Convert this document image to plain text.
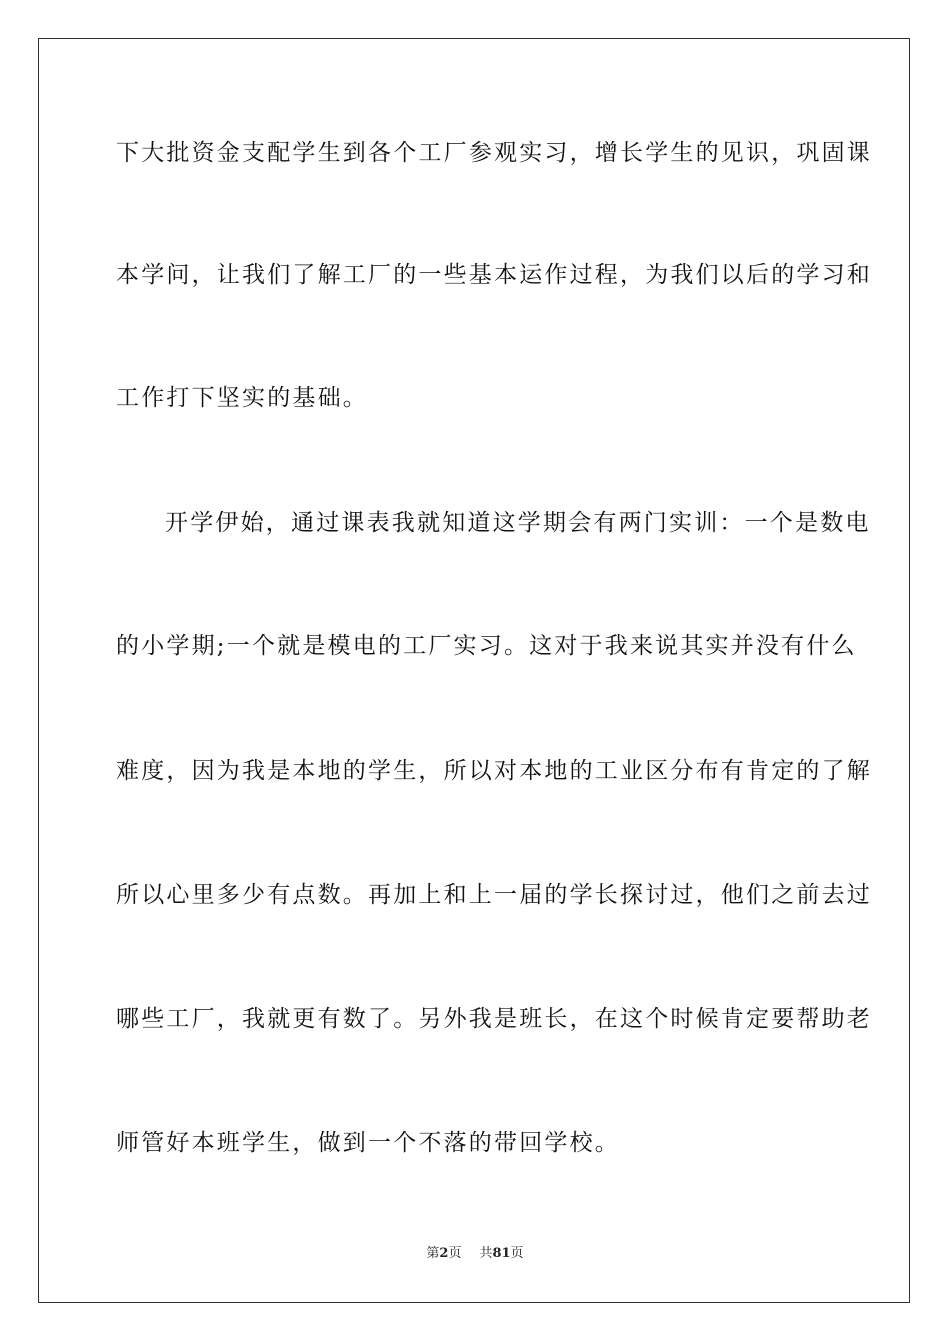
下大批资金支配学生到各个工厂参观实习，增长学生的见识，巩固课
本学问，让我们了解工厂的一些基本运作过程，为我们以后的学习和
工作打下坚实的基础。
开学伊始，通过课表我就知道这学期会有两门实训：一个是数电
的小学期;一个就是模电的工厂实习。这对于我来说其实并没有什么
难度，因为我是本地的学生，所以对本地的工业区分布有肯定的了解
所以心里多少有点数。再加上和上一届的学长探讨过，他们之前去过
哪些工厂，我就更有数了。另外我是班长，在这个时候肯定要帮助老
师管好本班学生，做到一个不落的带回学校。
第2页 共81页
